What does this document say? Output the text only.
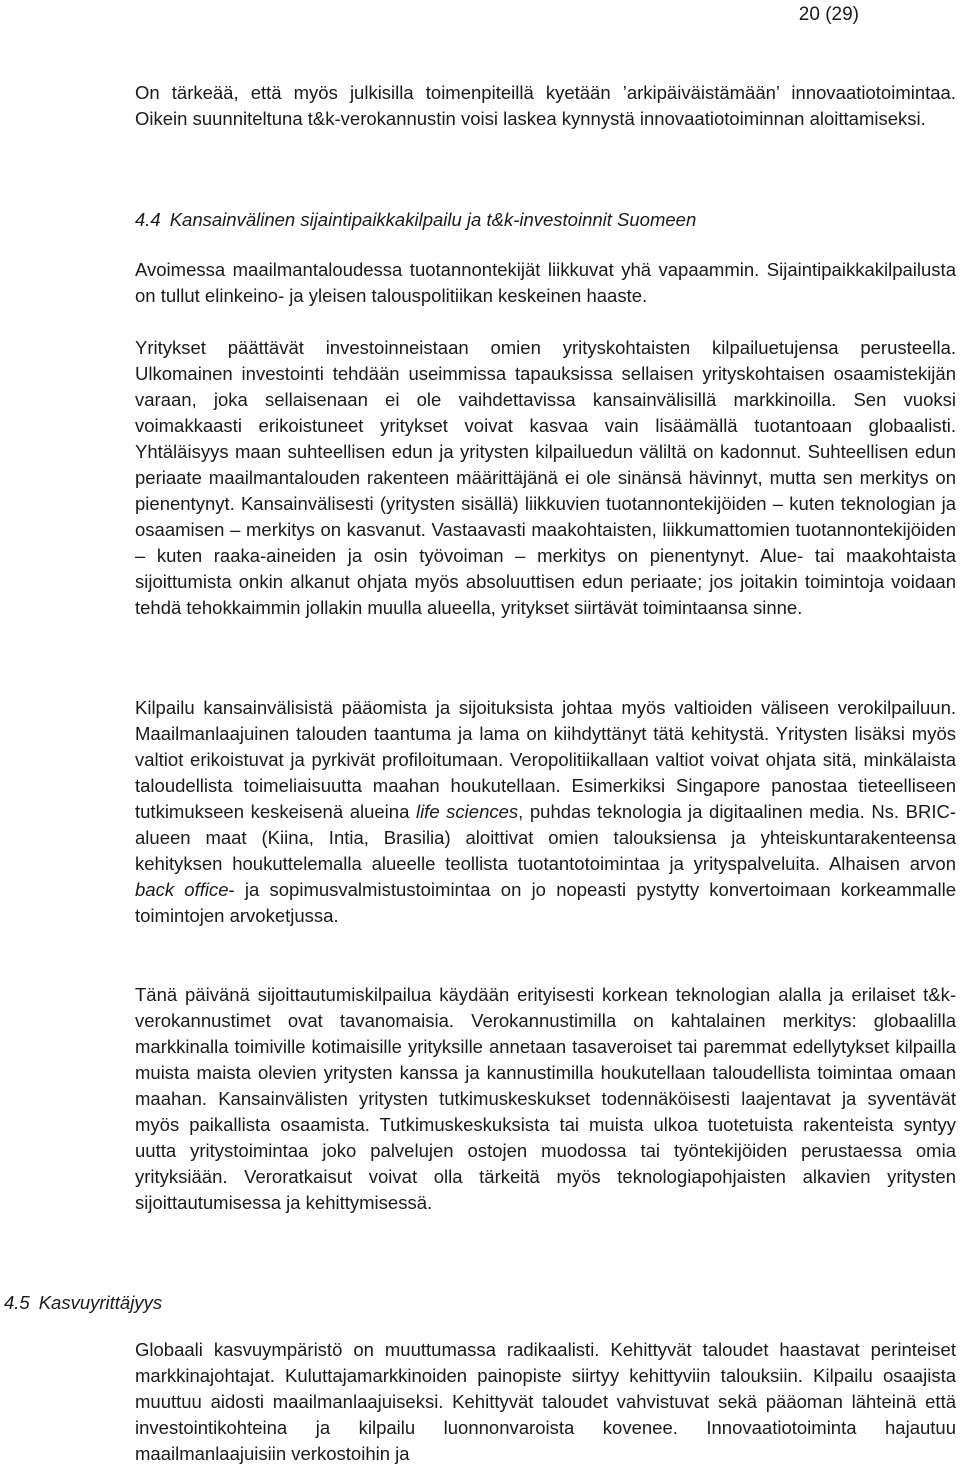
20 (29)

On tärkeää, että myös julkisilla toimenpiteillä kyetään ’arkipäiväistämään’ innovaatiotoimintaa. Oikein suunniteltuna t&k-verokannustin voisi laskea kynnystä innovaatiotoiminnan aloittamiseksi.

4.4 Kansainvälinen sijaintipaikkakilpailu ja t&k-investoinnit Suomeen

Avoimessa maailmantaloudessa tuotannontekijät liikkuvat yhä vapaammin. Sijaintipaikkakilpailusta on tullut elinkeino- ja yleisen talouspolitiikan keskeinen haaste.

Yritykset päättävät investoinneistaan omien yrityskohtaisten kilpailuetujensa perusteella. Ulkomainen investointi tehdään useimmissa tapauksissa sellaisen yrityskohtaisen osaamistekijän varaan, joka sellaisenaan ei ole vaihdettavissa kansainvälisillä markkinoilla. Sen vuoksi voimakkaasti erikoistuneet yritykset voivat kasvaa vain lisäämällä tuotantoaan globaalisti. Yhtäläisyys maan suhteellisen edun ja yritysten kilpailuedun väliltä on kadonnut. Suhteellisen edun periaate maailmantalouden rakenteen määrittäjänä ei ole sinänsä hävinnyt, mutta sen merkitys on pienentynyt. Kansainvälisesti (yritysten sisällä) liikkuvien tuotannontekijöiden – kuten teknologian ja osaamisen – merkitys on kasvanut. Vastaavasti maakohtaisten, liikkumattomien tuotannontekijöiden – kuten raaka-aineiden ja osin työvoiman – merkitys on pienentynyt. Alue- tai maakohtaista sijoittumista onkin alkanut ohjata myös absoluuttisen edun periaate; jos joitakin toimintoja voidaan tehdä tehokkaimmin jollakin muulla alueella, yritykset siirtävät toimintaansa sinne.

Kilpailu kansainvälisistä pääomista ja sijoituksista johtaa myös valtioiden väliseen verokilpailuun. Maailmanlaajuinen talouden taantuma ja lama on kiihdyttänyt tätä kehitystä. Yritysten lisäksi myös valtiot erikoistuvat ja pyrkivät profiloitumaan. Veropolitiikallaan valtiot voivat ohjata sitä, minkälaista taloudellista toimeliaisuutta maahan houkutellaan. Esimerkiksi Singapore panostaa tieteelliseen tutkimukseen keskeisenä alueina life sciences, puhdas teknologia ja digitaalinen media. Ns. BRIC-alueen maat (Kiina, Intia, Brasilia) aloittivat omien talouksiensa ja yhteiskuntarakenteensa kehityksen houkuttelemalla alueelle teollista tuotantotoimintaa ja yrityspalveluita. Alhaisen arvon back office- ja sopimusvalmistustoimintaa on jo nopeasti pystytty konvertoimaan korkeammalle toimintojen arvoketjussa.

Tänä päivänä sijoittautumiskilpailua käydään erityisesti korkean teknologian alalla ja erilaiset t&k-verokannustimet ovat tavanomaisia. Verokannustimilla on kahtalainen merkitys: globaalilla markkinalla toimiville kotimaisille yrityksille annetaan tasaveroiset tai paremmat edellytykset kilpailla muista maista olevien yritysten kanssa ja kannustimilla houkutellaan taloudellista toimintaa omaan maahan. Kansainvälisten yritysten tutkimuskeskukset todennäköisesti laajentavat ja syventävät myös paikallista osaamista. Tutkimuskeskuksista tai muista ulkoa tuotetuista rakenteista syntyy uutta yritystoimintaa joko palvelujen ostojen muodossa tai työntekijöiden perustaessa omia yrityksiään. Veroratkaisut voivat olla tärkeitä myös teknologiapohjaisten alkavien yritysten sijoittautumisessa ja kehittymisessä.

4.5 Kasvuyrittäjyys

Globaali kasvuympäristö on muuttumassa radikaalisti. Kehittyvät taloudet haastavat perinteiset markkinajohtajat. Kuluttajamarkkinoiden painopiste siirtyy kehittyviin talouksiin. Kilpailu osaajista muuttuu aidosti maailmanlaajuiseksi. Kehittyvät taloudet vahvistuvat sekä pääoman lähteinä että investointikohteina ja kilpailu luonnonvaroista kovenee. Innovaatiotoiminta hajautuu maailmanlaajuisiin verkostoihin ja
